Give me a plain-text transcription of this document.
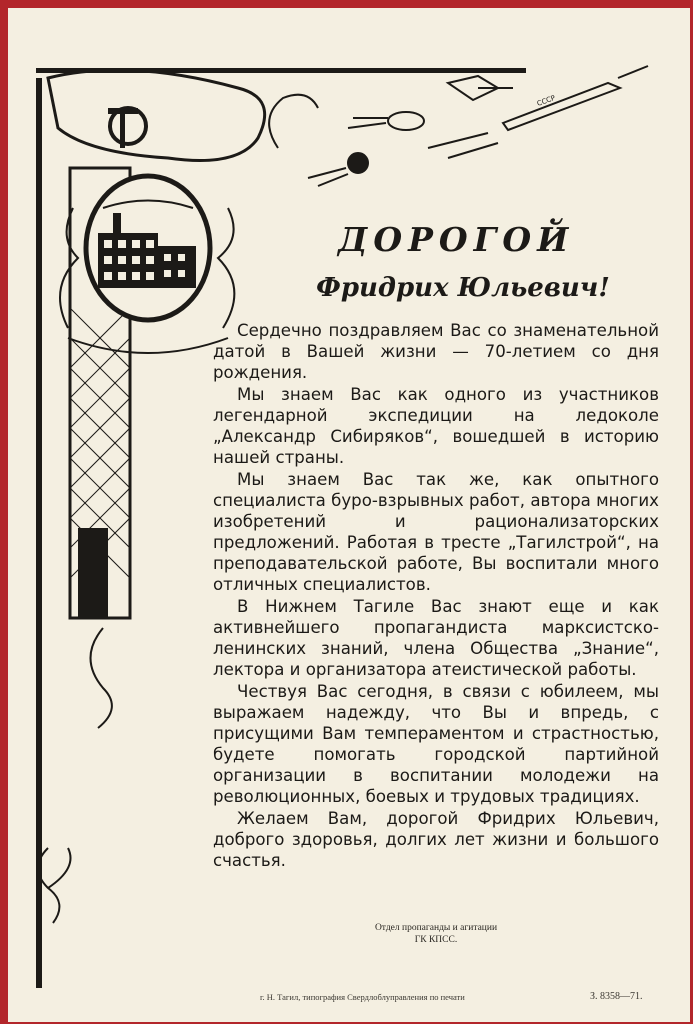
СССР
ДОРОГОЙ
Фридрих Юльевич!

Сердечно поздравляем Вас со знаменательной датой в Вашей жизни — 70-летием со дня рождения.

Мы знаем Вас как одного из участников легендарной экспедиции на ледоколе „Александр Сибиряков“, вошедшей в историю нашей страны.

Мы знаем Вас так же, как опытного специалиста буро-взрывных работ, автора многих изобретений и рационализаторских предложений. Работая в тресте „Тагилстрой“, на преподавательской работе, Вы воспитали много отличных специалистов.

В Нижнем Тагиле Вас знают еще и как активнейшего пропагандиста марксистско-ленинских знаний, члена Общества „Знание“, лектора и организатора атеистической работы.

Чествуя Вас сегодня, в связи с юбилеем, мы выражаем надежду, что Вы и впредь, с присущими Вам темпераментом и страстностью, будете помогать городской партийной организации в воспитании молодежи на революционных, боевых и трудовых традициях.

Желаем Вам, дорогой Фридрих Юльевич, доброго здоровья, долгих лет жизни и большого счастья.

Отдел пропаганды и агитации
ГК КПСС.
г. Н. Тагил, типография Свердлоблуправления по печати	З. 8358—71.
